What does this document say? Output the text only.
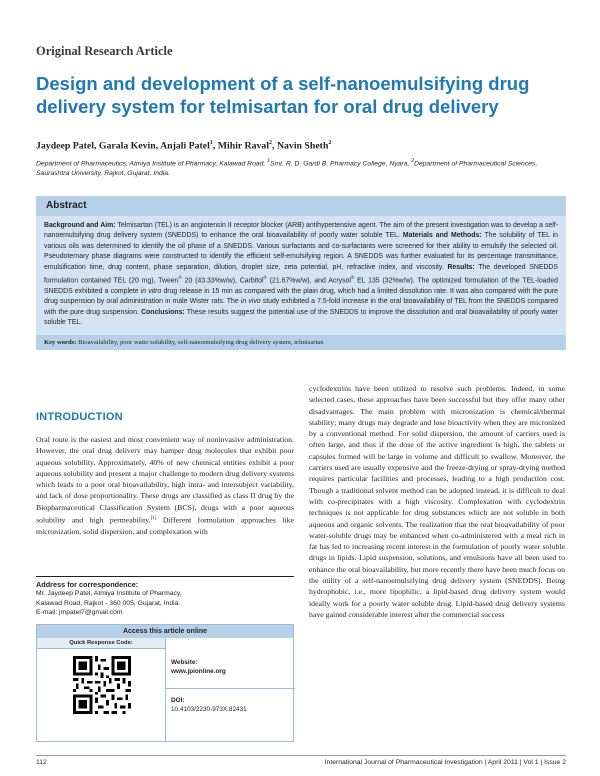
Original Research Article
Design and development of a self-nanoemulsifying drug delivery system for telmisartan for oral drug delivery
Jaydeep Patel, Garala Kevin, Anjali Patel$^1$, Mihir Raval$^2$, Navin Sheth$^2$
Department of Pharmaceutics, Atmiya Institute of Pharmacy, Kalawad Road, $^1$Smt. R. D. Gardi B. Pharmacy College, Nyara, $^2$Department of Pharmaceutical Sciences, Saurashtra University, Rajkot, Gujarat, India.
Abstract
Background and Aim: Telmisartan (TEL) is an angiotensin II receptor blocker (ARB) antihypertensive agent. The aim of the present investigation was to develop a self-nanoemulsifying drug delivery system (SNEDDS) to enhance the oral bioavailability of poorly water soluble TEL. Materials and Methods: The solubility of TEL in various oils was determined to identify the oil phase of a SNEDDS. Various surfactants and co-surfactants were screened for their ability to emulsify the selected oil. Pseudoternary phase diagrams were constructed to identify the efficient self-emulsifying region. A SNEDDS was further evaluated for its percentage transmittance, emulsification time, drug content, phase separation, dilution, droplet size, zeta potential, pH, refractive index, and viscosity. Results: The developed SNEDDS formulation contained TEL (20 mg), Tween® 20 (43.33%w/w), Carbitol® (21.67%w/w), and Acrysol® EL 135 (32%w/w). The optimized formulation of the TEL-loaded SNEDDS exhibited a complete in vitro drug release in 15 min as compared with the plain drug, which had a limited dissolution rate. It was also compared with the pure drug suspension by oral administration in male Wister rats. The in vivo study exhibited a 7.5-fold increase in the oral bioavailability of TEL from the SNEDDS compared with the pure drug suspension. Conclusions: These results suggest the potential use of the SNEDDS to improve the dissolution and oral bioavailability of poorly water soluble TEL.
Key words: Bioavailability, poor water solubility, self-nanoemulsifying drug delivery system, telmisartan
INTRODUCTION
Oral route is the easiest and most convenient way of noninvasive administration. However, the oral drug delivery may hamper drug molecules that exhibit poor aqueous solubility. Approximately, 40% of new chemical entities exhibit a poor aqueous solubility and present a major challenge to modern drug delivery systems which leads to a poor oral bioavailability, high intra- and intersubject variability, and lack of dose proportionality. These drugs are classified as class II drug by the Biopharmaceutical Classification System (BCS), drugs with a poor aqueous solubility and high permeability.[1] Different formulation approaches like micronization, solid dispersion, and complexation with
cyclodextrins have been utilized to resolve such problems. Indeed, in some selected cases, these approaches have been successful but they offer many other disadvantages. The main problem with micronization is chemical/thermal stability; many drugs may degrade and lose bioactivity when they are micronized by a conventional method. For solid dispersion, the amount of carriers used is often large, and thus if the dose of the active ingredient is high, the tablets or capsules formed will be large in volume and difficult to swallow. Moreover, the carriers used are usually expensive and the freeze-drying or spray-drying method requires particular facilities and processes, leading to a high production cost. Though a traditional solvent method can be adopted instead, it is difficult to deal with co-precipitates with a high viscosity. Complexation with cyclodextrin techniques is not applicable for drug substances which are not soluble in both aqueous and organic solvents. The realization that the oral bioavailability of poor water-soluble drugs may be enhanced when co-administered with a meal rich in fat has led to increasing recent interest in the formulation of poorly water soluble drugs in lipids. Lipid suspension, solutions, and emulsions have all been used to enhance the oral bioavailability, but more recently there have been much focus on the utility of a self-nanoemulsifying drug delivery system (SNEDDS). Being hydrophobic, i.e., more lipophilic, a lipid-based drug delivery system would ideally work for a poorly water soluble drug. Lipid-based drug delivery systems have gained considerable interest after the commercial success
Address for correspondence:
Mr. Jaydeep Patel, Atmiya Institute of Pharmacy,
Kalawad Road, Rajkot - 360 005, Gujarat, India.
E-mail: jmpatel7@gmail.com
Access this article online
Quick Response Code:
Website:
www.jpionline.org
DOI:
10.4103/2230-973X.82431
112	International Journal of Pharmaceutical Investigation | April 2011 | Vol 1 | Issue 2
